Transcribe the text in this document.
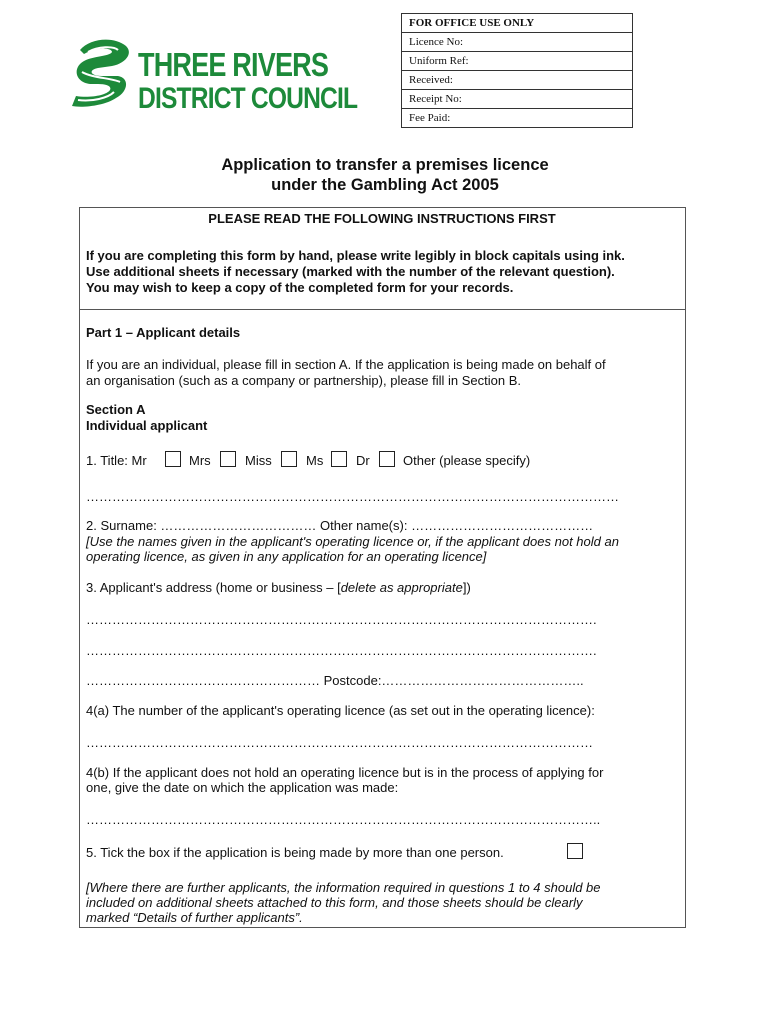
THREE RIVERS
DISTRICT COUNCIL
FOR OFFICE USE ONLY
Licence No:
Uniform Ref:
Received:
Receipt No:
Fee Paid:
Application to transfer a premises licence
under the Gambling Act 2005
PLEASE READ THE FOLLOWING INSTRUCTIONS FIRST
If you are completing this form by hand, please write legibly in block capitals using ink.
Use additional sheets if necessary (marked with the number of the relevant question).
You may wish to keep a copy of the completed form for your records.
Part 1 – Applicant details
If you are an individual, please fill in section A. If the application is being made on behalf of
an organisation (such as a company or partnership), please fill in Section B.
Section A
Individual applicant
1. Title: Mr	Mrs	Miss	Ms	Dr	Other (please specify)
……………………………………………………………………………………………………………
2. Surname: ……………………………… Other name(s): ……………………………………
[Use the names given in the applicant's operating licence or, if the applicant does not hold an
operating licence, as given in any application for an operating licence]
3. Applicant's address (home or business – [delete as appropriate])
……………………………………………………………………………………………………….
……………………………………………………………………………………………………….
……………………………………………… Postcode:………………………………………..
4(a) The number of the applicant's operating licence (as set out in the operating licence):
………………………………………………………………………………………………………
4(b) If the applicant does not hold an operating licence but is in the process of applying for
one, give the date on which the application was made:
………………………………………………………………………………………………………..
5. Tick the box if the application is being made by more than one person.
[Where there are further applicants, the information required in questions 1 to 4 should be
included on additional sheets attached to this form, and those sheets should be clearly
marked “Details of further applicants”.
